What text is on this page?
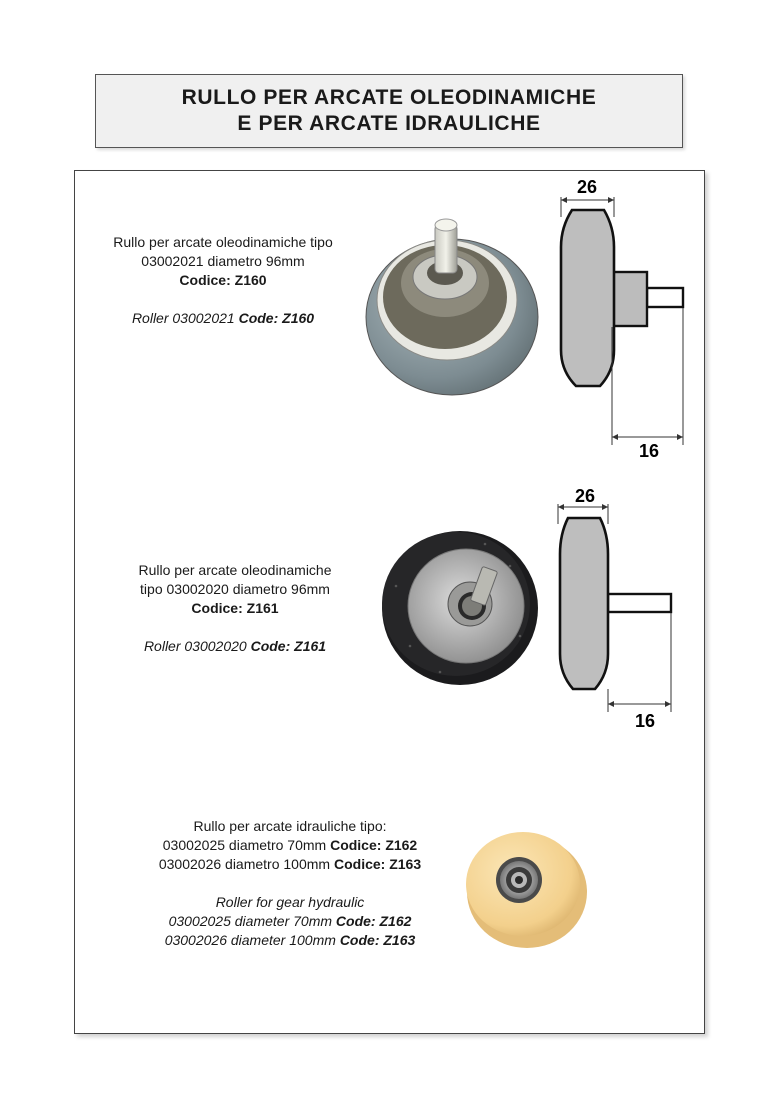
RULLO PER ARCATE OLEODINAMICHE
E PER ARCATE IDRAULICHE
Rullo per arcate oleodinamiche tipo
03002021 diametro 96mm
Codice: Z160
Roller 03002021 Code: Z160
26
16
Rullo per arcate oleodinamiche
tipo 03002020 diametro 96mm
Codice: Z161
Roller 03002020 Code: Z161
26
16
Rullo per arcate idrauliche tipo:
03002025 diametro 70mm Codice: Z162
03002026 diametro 100mm Codice: Z163
Roller for gear hydraulic
03002025 diameter 70mm Code: Z162
03002026 diameter 100mm Code: Z163
